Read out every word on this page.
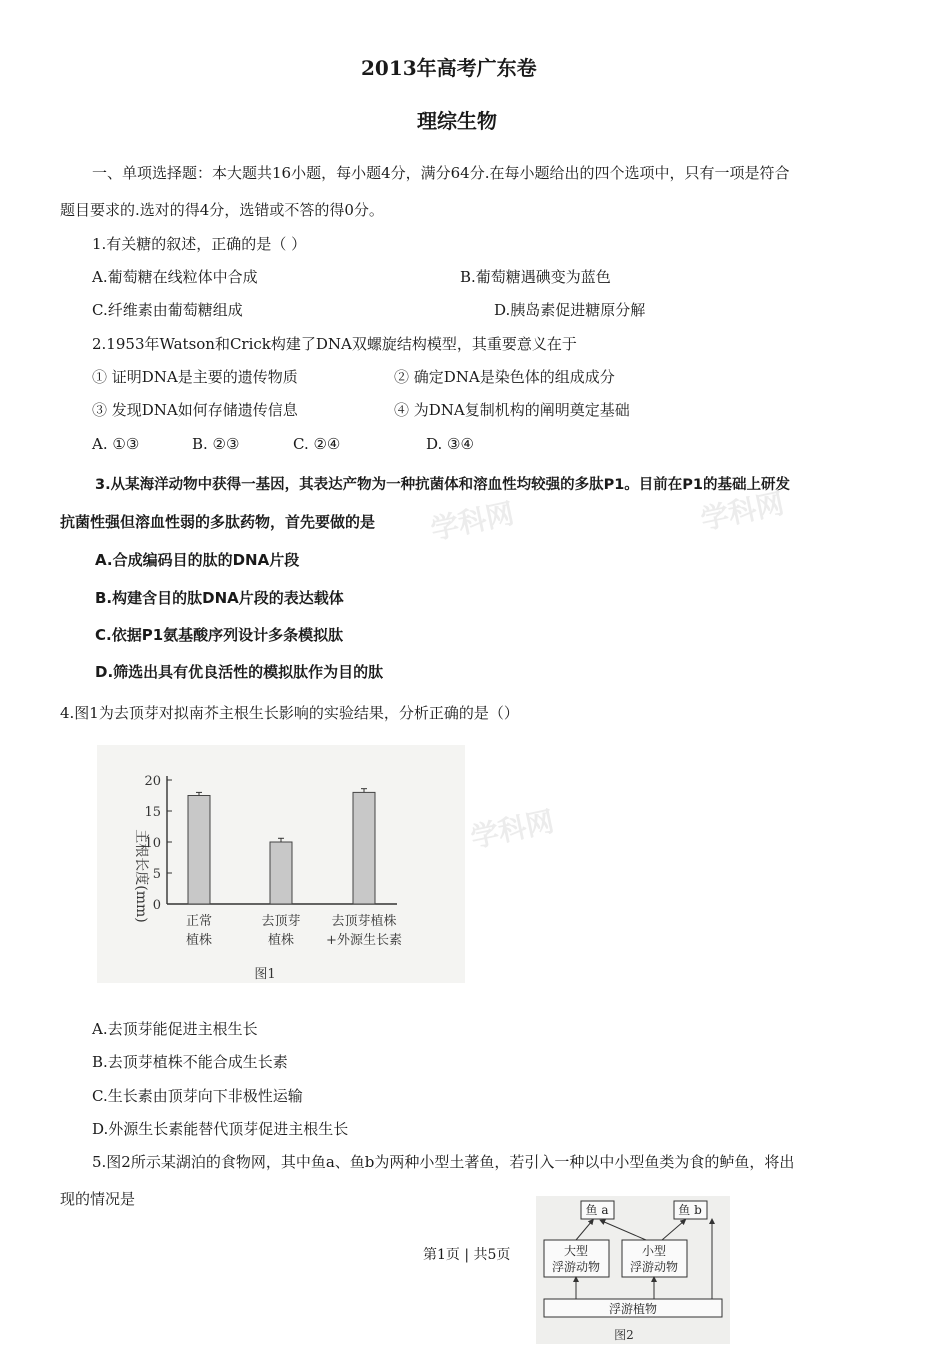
学科网
学科网
学科网
2013年高考广东卷
理综生物
一、单项选择题：本大题共16小题，每小题4分，满分64分.在每小题给出的四个选项中，只有一项是符合
题目要求的.选对的得4分，选错或不答的得0分。
1.有关糖的叙述，正确的是（ ）
A.葡萄糖在线粒体中合成	B.葡萄糖遇碘变为蓝色
C.纤维素由葡萄糖组成	D.胰岛素促进糖原分解
2.1953年Watson和Crick构建了DNA双螺旋结构模型，其重要意义在于
① 证明DNA是主要的遗传物质	② 确定DNA是染色体的组成成分
③ 发现DNA如何存储遗传信息	④ 为DNA复制机构的阐明奠定基础
A. ①③	B. ②③	C. ②④	D. ③④
3.从某海洋动物中获得一基因，其表达产物为一种抗菌体和溶血性均较强的多肽P1。目前在P1的基础上研发
抗菌性强但溶血性弱的多肽药物，首先要做的是
A.合成编码目的肽的DNA片段
B.构建含目的肽DNA片段的表达载体
C.依据P1氨基酸序列设计多条模拟肽
D.筛选出具有优良活性的模拟肽作为目的肽
4.图1为去顶芽对拟南芥主根生长影响的实验结果，分析正确的是（）
主根长度(mm) 0
5
10
15
20
正常
植株
去顶芽
植株
去顶芽植株
+外源生长素
图1
A.去顶芽能促进主根生长
B.去顶芽植株不能合成生长素
C.生长素由顶芽向下非极性运输
D.外源生长素能替代顶芽促进主根生长
5.图2所示某湖泊的食物网，其中鱼a、鱼b为两种小型土著鱼，若引入一种以中小型鱼类为食的鲈鱼，将出
现的情况是
鱼 a	鱼 b
大型
浮游动物
小型
浮游动物
浮游植物
图2
第1页 | 共5页
